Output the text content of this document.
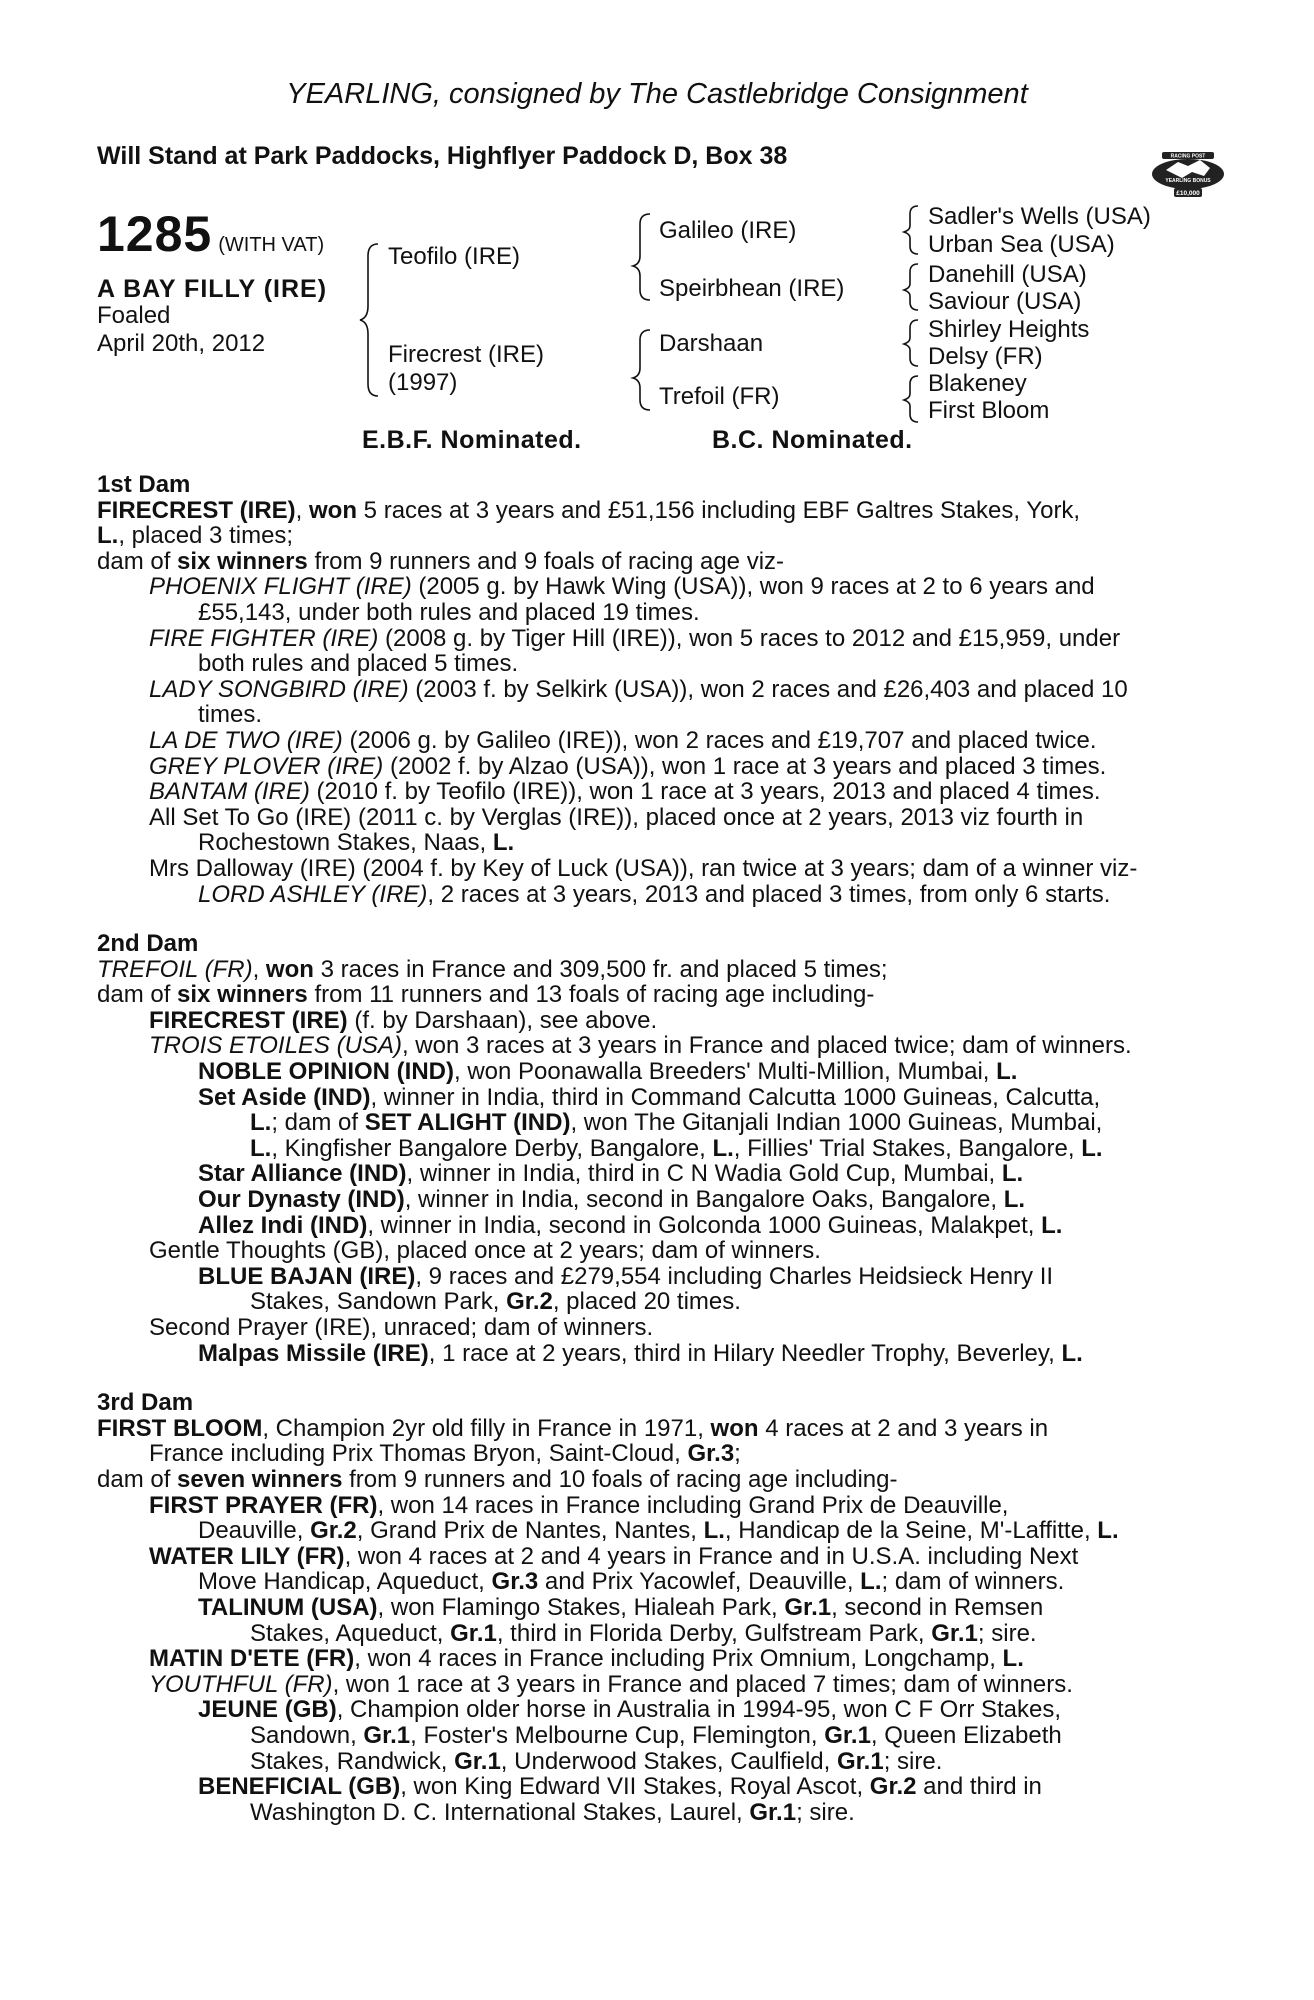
YEARLING, consigned by The Castlebridge Consignment
Will Stand at Park Paddocks, Highflyer Paddock D, Box 38	RACING POST
YEARLING BONUS
£10,000
1285 (WITH VAT)
A BAY FILLY (IRE)
Foaled
April 20th, 2012
Teofilo (IRE)
Firecrest (IRE)
(1997)
Galileo (IRE)
Speirbhean (IRE)
Darshaan
Trefoil (FR)
Sadler's Wells (USA)
Urban Sea (USA)
Danehill (USA)
Saviour (USA)
Shirley Heights
Delsy (FR)
Blakeney
First Bloom
E.B.F. Nominated.	B.C. Nominated.
1st Dam
FIRECREST (IRE), won 5 races at 3 years and £51,156 including EBF Galtres Stakes, York,
L., placed 3 times;
dam of six winners from 9 runners and 9 foals of racing age viz-
PHOENIX FLIGHT (IRE) (2005 g. by Hawk Wing (USA)), won 9 races at 2 to 6 years and
£55,143, under both rules and placed 19 times.
FIRE FIGHTER (IRE) (2008 g. by Tiger Hill (IRE)), won 5 races to 2012 and £15,959, under
both rules and placed 5 times.
LADY SONGBIRD (IRE) (2003 f. by Selkirk (USA)), won 2 races and £26,403 and placed 10
times.
LA DE TWO (IRE) (2006 g. by Galileo (IRE)), won 2 races and £19,707 and placed twice.
GREY PLOVER (IRE) (2002 f. by Alzao (USA)), won 1 race at 3 years and placed 3 times.
BANTAM (IRE) (2010 f. by Teofilo (IRE)), won 1 race at 3 years, 2013 and placed 4 times.
All Set To Go (IRE) (2011 c. by Verglas (IRE)), placed once at 2 years, 2013 viz fourth in
Rochestown Stakes, Naas, L.
Mrs Dalloway (IRE) (2004 f. by Key of Luck (USA)), ran twice at 3 years; dam of a winner viz-
LORD ASHLEY (IRE), 2 races at 3 years, 2013 and placed 3 times, from only 6 starts.
2nd Dam
TREFOIL (FR), won 3 races in France and 309,500 fr. and placed 5 times;
dam of six winners from 11 runners and 13 foals of racing age including-
FIRECREST (IRE) (f. by Darshaan), see above.
TROIS ETOILES (USA), won 3 races at 3 years in France and placed twice; dam of winners.
NOBLE OPINION (IND), won Poonawalla Breeders' Multi-Million, Mumbai, L.
Set Aside (IND), winner in India, third in Command Calcutta 1000 Guineas, Calcutta,
L.; dam of SET ALIGHT (IND), won The Gitanjali Indian 1000 Guineas, Mumbai,
L., Kingfisher Bangalore Derby, Bangalore, L., Fillies' Trial Stakes, Bangalore, L.
Star Alliance (IND), winner in India, third in C N Wadia Gold Cup, Mumbai, L.
Our Dynasty (IND), winner in India, second in Bangalore Oaks, Bangalore, L.
Allez Indi (IND), winner in India, second in Golconda 1000 Guineas, Malakpet, L.
Gentle Thoughts (GB), placed once at 2 years; dam of winners.
BLUE BAJAN (IRE), 9 races and £279,554 including Charles Heidsieck Henry II
Stakes, Sandown Park, Gr.2, placed 20 times.
Second Prayer (IRE), unraced; dam of winners.
Malpas Missile (IRE), 1 race at 2 years, third in Hilary Needler Trophy, Beverley, L.
3rd Dam
FIRST BLOOM, Champion 2yr old filly in France in 1971, won 4 races at 2 and 3 years in
France including Prix Thomas Bryon, Saint-Cloud, Gr.3;
dam of seven winners from 9 runners and 10 foals of racing age including-
FIRST PRAYER (FR), won 14 races in France including Grand Prix de Deauville,
Deauville, Gr.2, Grand Prix de Nantes, Nantes, L., Handicap de la Seine, M'-Laffitte, L.
WATER LILY (FR), won 4 races at 2 and 4 years in France and in U.S.A. including Next
Move Handicap, Aqueduct, Gr.3 and Prix Yacowlef, Deauville, L.; dam of winners.
TALINUM (USA), won Flamingo Stakes, Hialeah Park, Gr.1, second in Remsen
Stakes, Aqueduct, Gr.1, third in Florida Derby, Gulfstream Park, Gr.1; sire.
MATIN D'ETE (FR), won 4 races in France including Prix Omnium, Longchamp, L.
YOUTHFUL (FR), won 1 race at 3 years in France and placed 7 times; dam of winners.
JEUNE (GB), Champion older horse in Australia in 1994-95, won C F Orr Stakes,
Sandown, Gr.1, Foster's Melbourne Cup, Flemington, Gr.1, Queen Elizabeth
Stakes, Randwick, Gr.1, Underwood Stakes, Caulfield, Gr.1; sire.
BENEFICIAL (GB), won King Edward VII Stakes, Royal Ascot, Gr.2 and third in
Washington D. C. International Stakes, Laurel, Gr.1; sire.
